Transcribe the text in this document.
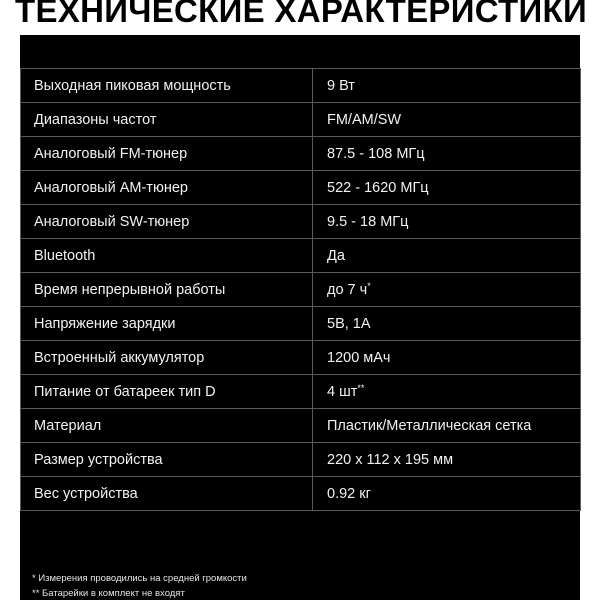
ТЕХНИЧЕСКИЕ ХАРАКТЕРИСТИКИ
Выходная пиковая мощность	9 Вт
Диапазоны частот	FM/AM/SW
Аналоговый FM-тюнер	87.5 - 108 МГц
Аналоговый AM-тюнер	522 - 1620 МГц
Аналоговый SW-тюнер	9.5 - 18 МГц
Bluetooth	Да
Время непрерывной работы	до 7 ч*
Напряжение зарядки	5В, 1А
Встроенный аккумулятор	1200 мАч
Питание от батареек тип D	4 шт**
Материал	Пластик/Металлическая сетка
Размер устройства	220 х 112 х 195 мм
Вес устройства	0.92 кг
* Измерения проводились на средней громкости
** Батарейки в комплект не входят
